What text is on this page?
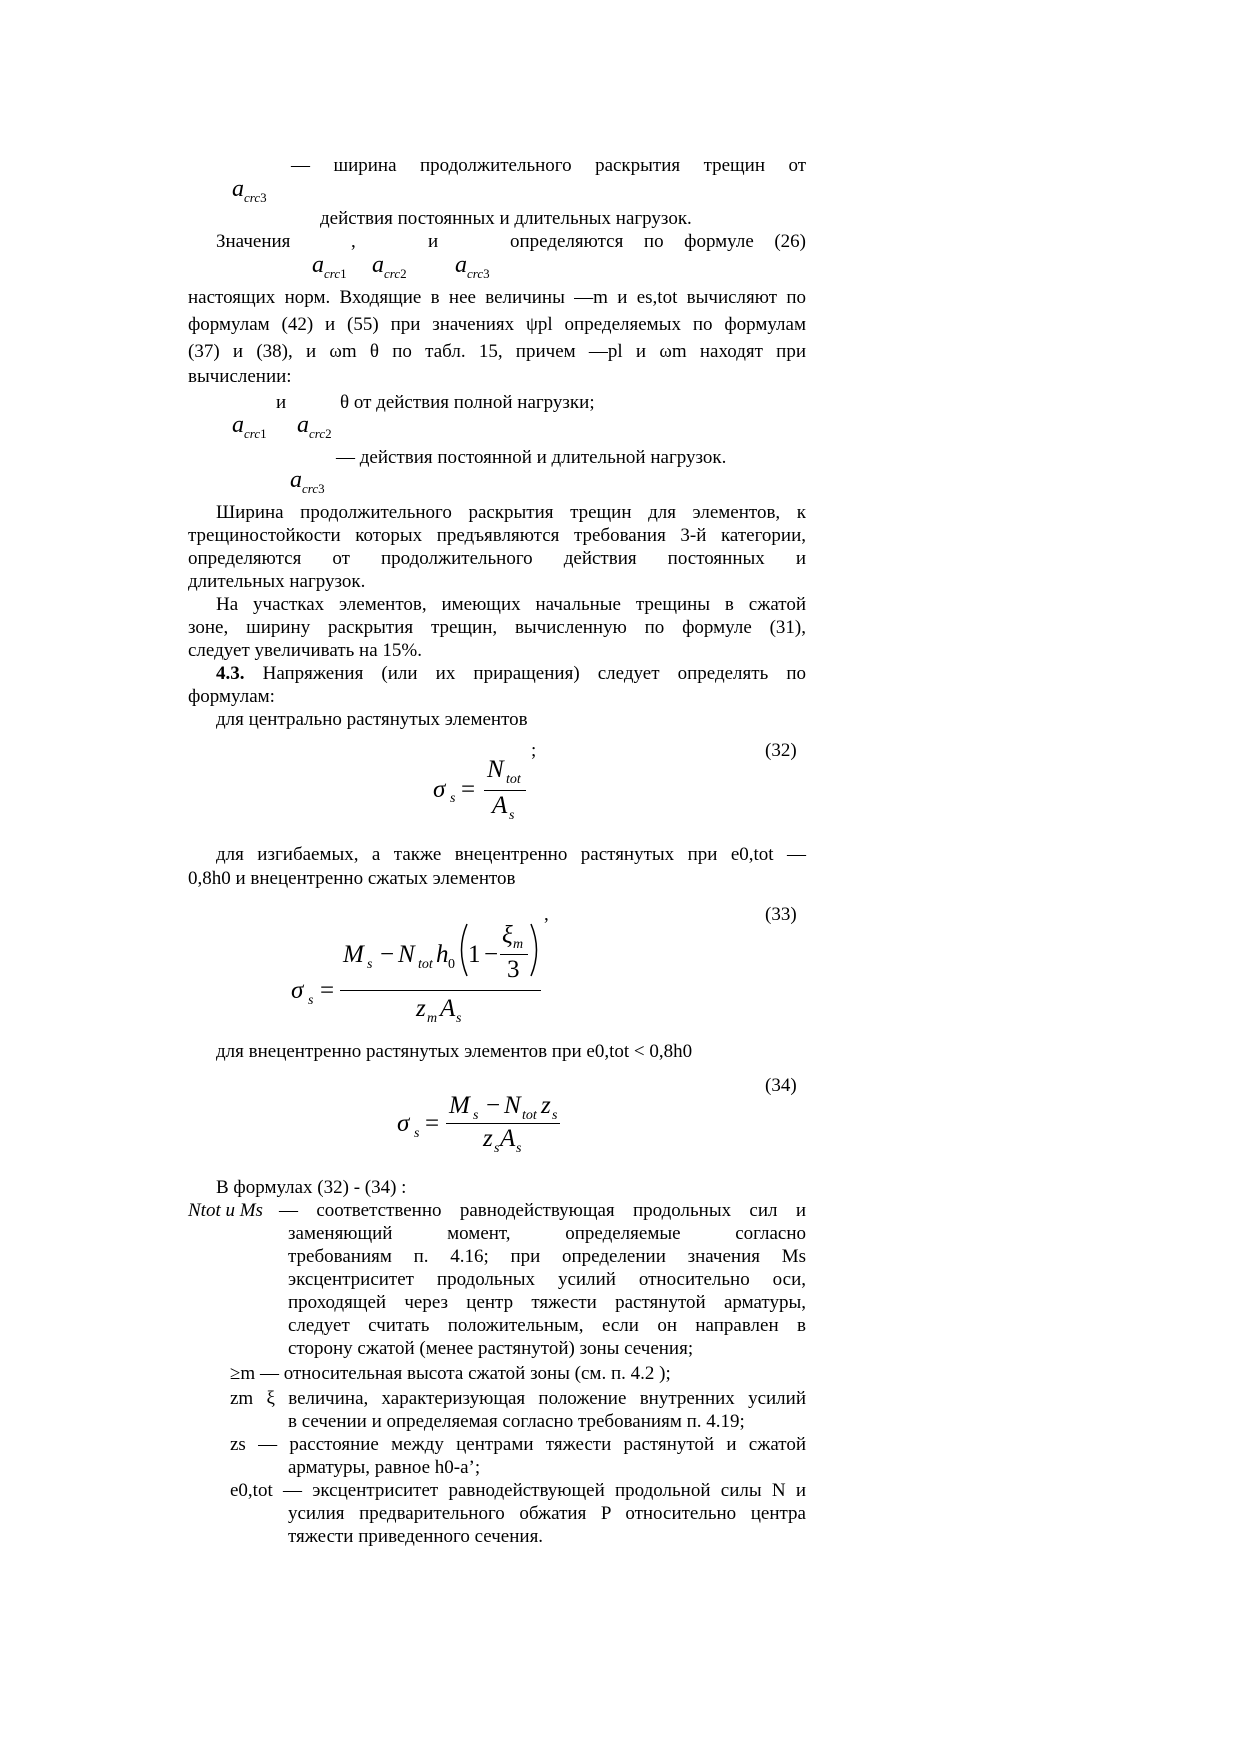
— ширина продолжительного раскрытия трещин от
$a_{crc3}$
действия постоянных и длительных нагрузок.
Значения	,	и	определяются по формуле (26)
$a_{crc1}$ $a_{crc2}$ $a_{crc3}$
настоящих норм. Входящие в нее величины —m и es,tot вычисляют по
формулам (42) и (55) при значениях ψpl определяемых по формулам
(37) и (38), и ωm θ по табл. 15, причем —pl и ωm находят при
вычислении:
и	θ от действия полной нагрузки;
$a_{crc1}$ $a_{crc2}$
— действия постоянной и длительной нагрузок.
$a_{crc3}$
Ширина продолжительного раскрытия трещин для элементов, к
трещиностойкости которых предъявляются требования 3-й категории,
определяются от продолжительного действия постоянных и
длительных нагрузок.
На участках элементов, имеющих начальные трещины в сжатой
зоне, ширину раскрытия трещин, вычисленную по формуле (31),
следует увеличивать на 15%.
4.3. Напряжения (или их приращения) следует определять по
формулам:
для центрально растянутых элементов
;	(32)
σ s =
N tot
A s
для изгибаемых, а также внецентренно растянутых при e0,tot —
0,8h0 и внецентренно сжатых элементов
,	(33)
σ s =
M s − N tot h 0 1 −
ξ m
3
z m A s
для внецентренно растянутых элементов при e0,tot < 0,8h0
(34)
σ s =
M s − N tot z s
z s A s
В формулах (32) - (34) :
Ntot и Ms — соответственно равнодействующая продольных сил и
заменяющий момент, определяемые согласно
требованиям п. 4.16; при определении значения Ms
эксцентриситет продольных усилий относительно оси,
проходящей через центр тяжести растянутой арматуры,
следует считать положительным, если он направлен в
сторону сжатой (менее растянутой) зоны сечения;
≥m — относительная высота сжатой зоны (см. п. 4.2 );
zm ξ величина, характеризующая положение внутренних усилий
в сечении и определяемая согласно требованиям п. 4.19;
zs — расстояние между центрами тяжести растянутой и сжатой
арматуры, равное h0-a’;
e0,tot — эксцентриситет равнодействующей продольной силы N и
усилия предварительного обжатия P относительно центра
тяжести приведенного сечения.
